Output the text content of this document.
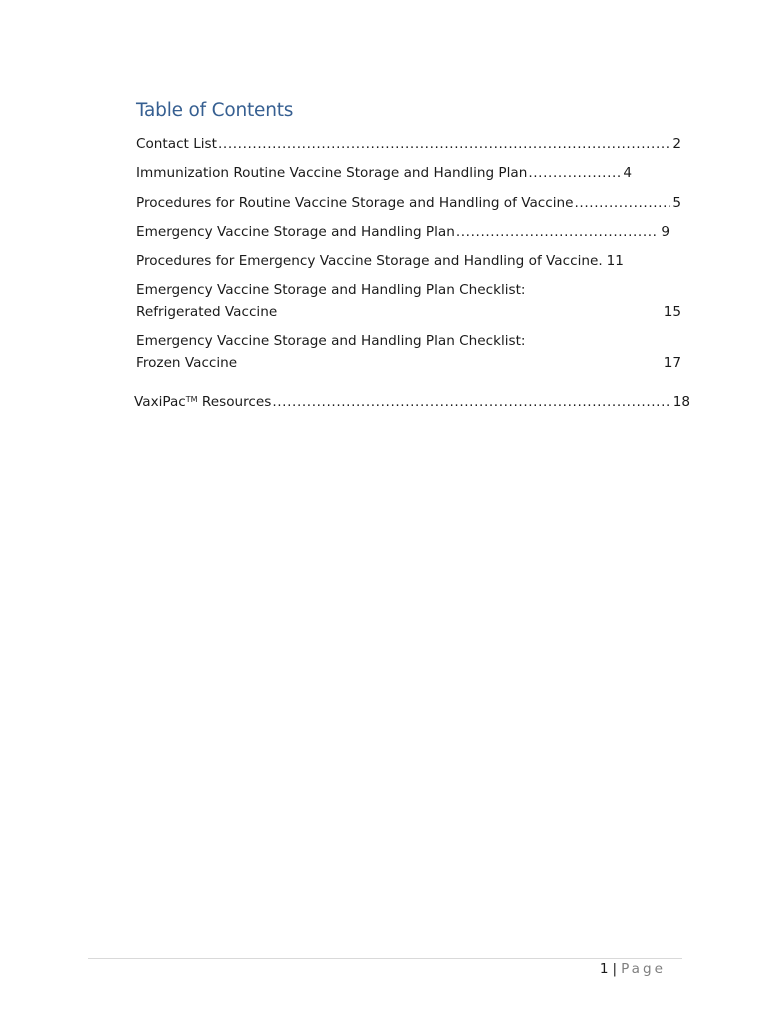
Table of Contents
Contact List .....	2
Immunization Routine Vaccine Storage and Handling Plan .....	4
Procedures for Routine Vaccine Storage and Handling of Vaccine .....	5
Emergency Vaccine Storage and Handling Plan .....	9
Procedures for Emergency Vaccine Storage and Handling of Vaccine. 11
Emergency Vaccine Storage and Handling Plan Checklist:
Refrigerated Vaccine	15
Emergency Vaccine Storage and Handling Plan Checklist:
Frozen Vaccine	17
VaxiPac™ Resources .....	18
1 | Page
